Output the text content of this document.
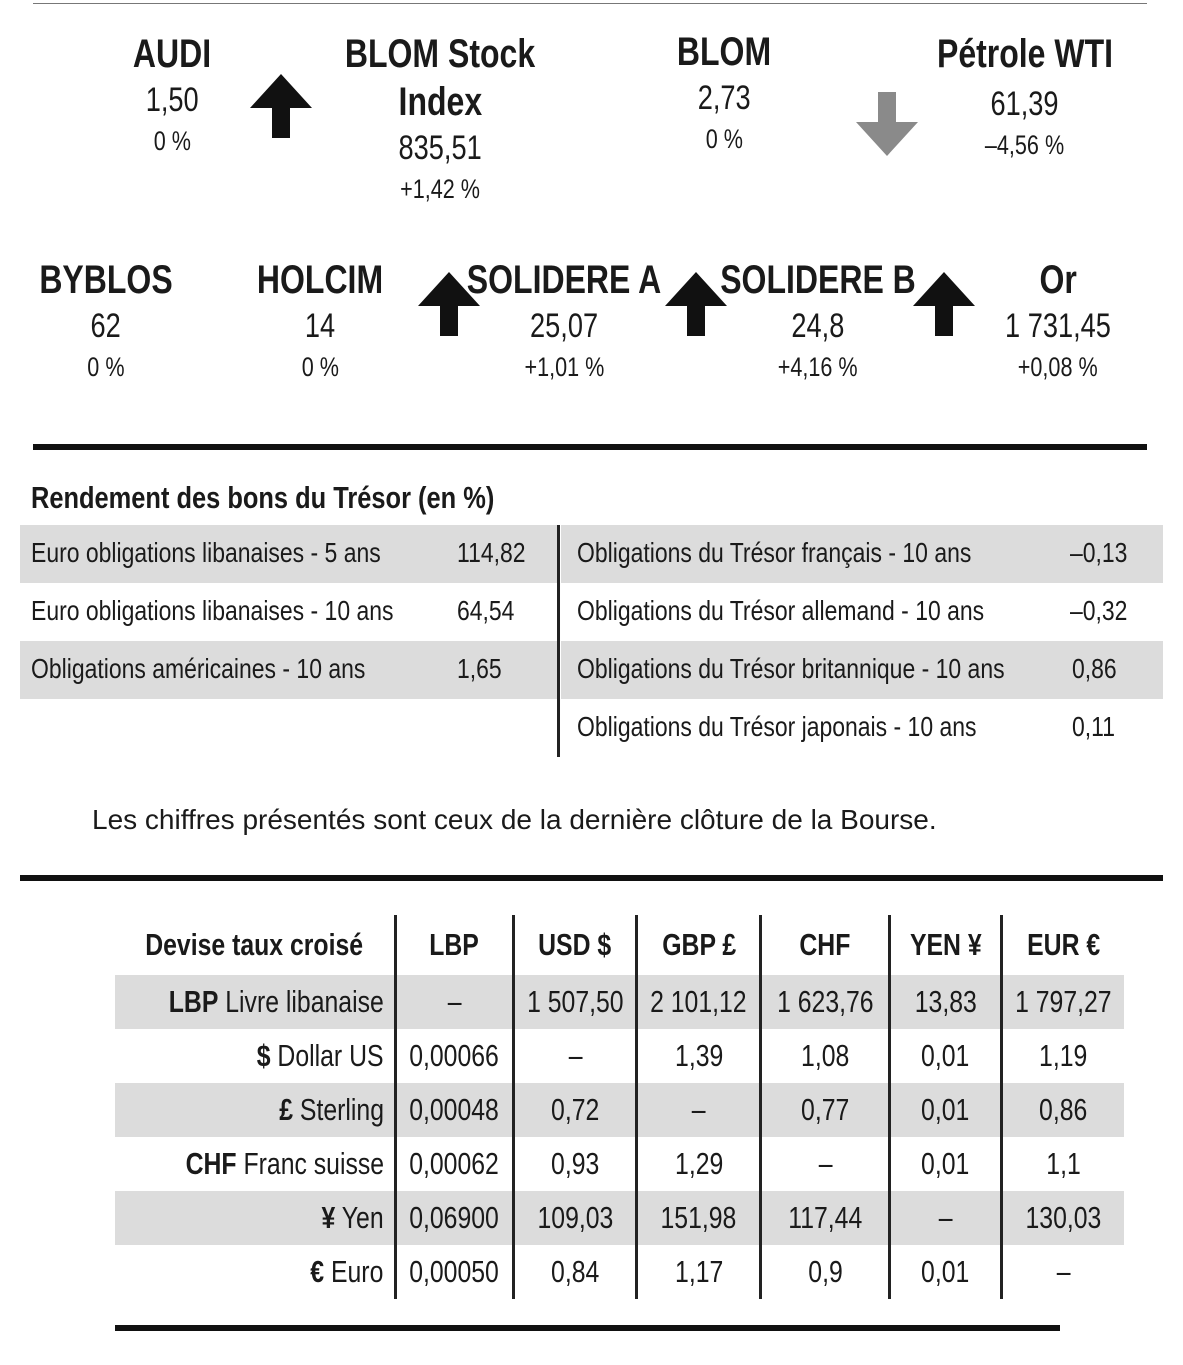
AUDI
1,50
0 %
BLOM Stock
Index
835,51
+1,42 %
BLOM
2,73
0 %
Pétrole WTI
61,39
–4,56 %
BYBLOS
62
0 %
HOLCIM
14
0 %
SOLIDERE A
25,07
+1,01 %
SOLIDERE B
24,8
+4,16 %
Or
1 731,45
+0,08 %
Rendement des bons du Trésor (en %)
Euro obligations libanaises - 5 ans	114,82
Euro obligations libanaises - 10 ans 64,54
Obligations américaines - 10 ans	1,65
Obligations du Trésor français - 10 ans	–0,13
Obligations du Trésor allemand - 10 ans	–0,32
Obligations du Trésor britannique - 10 ans 0,86
Obligations du Trésor japonais - 10 ans	0,11
Les chiffres présentés sont ceux de la dernière clôture de la Bourse.
Devise taux croisé	LBP	USD $	GBP £	CHF	YEN ¥	EUR €
LBP Livre libanaise	–	1 507,50	2 101,12	1 623,76	13,83	1 797,27
$ Dollar US	0,00066	–	1,39	1,08	0,01	1,19
£ Sterling	0,00048	0,72	–	0,77	0,01	0,86
CHF Franc suisse	0,00062	0,93	1,29	–	0,01	1,1
¥ Yen	0,06900	109,03	151,98	117,44	–	130,03
€ Euro	0,00050	0,84	1,17	0,9	0,01	–
